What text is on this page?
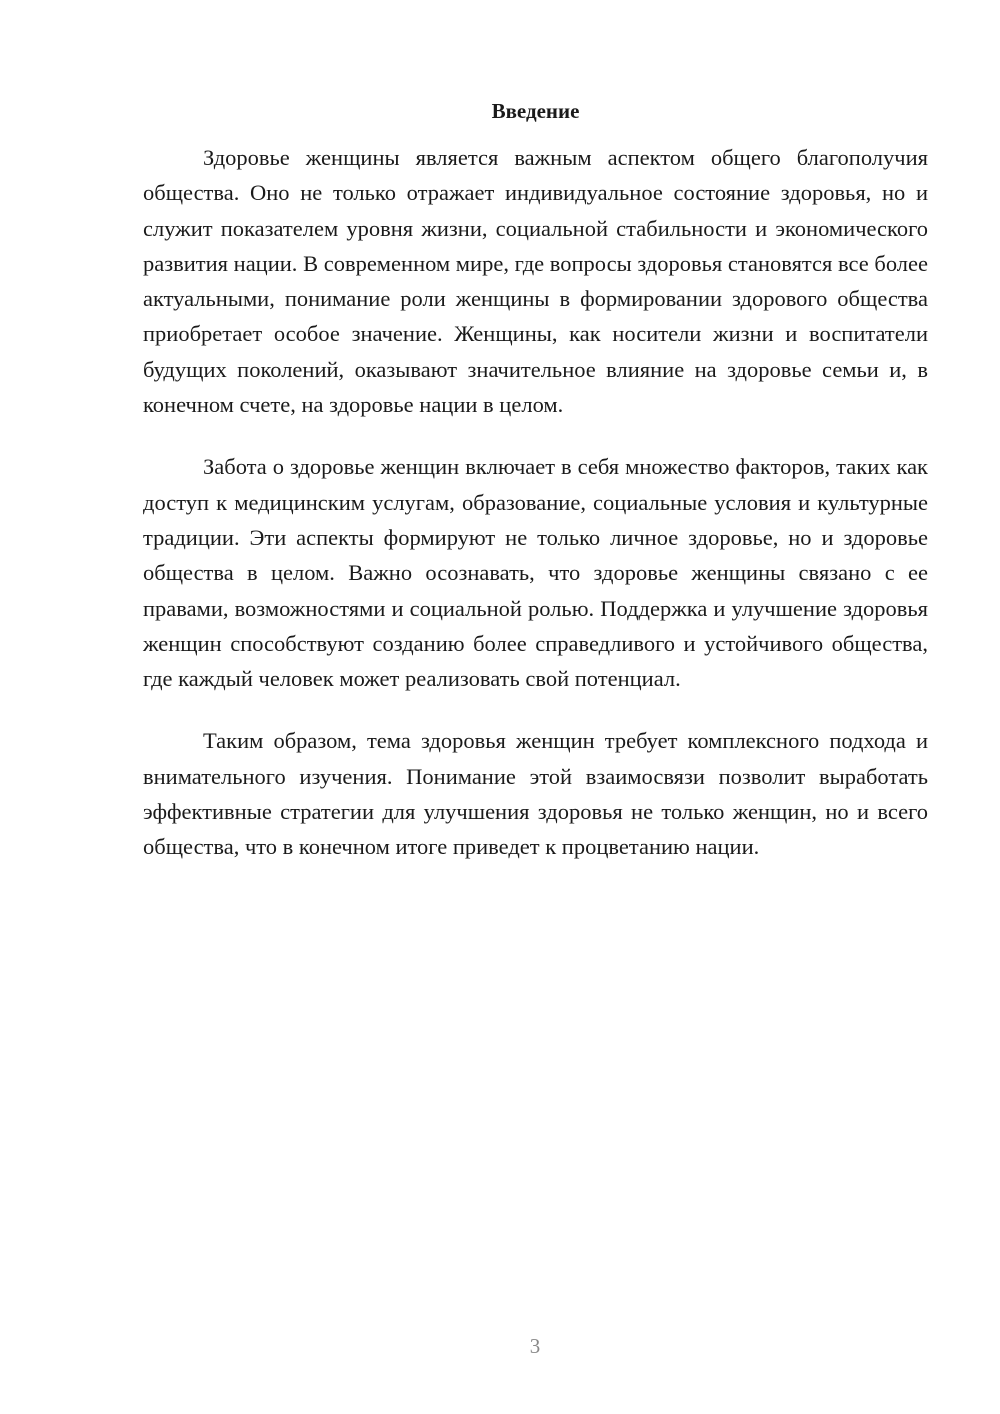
Введение

Здоровье женщины является важным аспектом общего благополучия общества. Оно не только отражает индивидуальное состояние здоровья, но и служит показателем уровня жизни, социальной стабильности и экономического развития нации. В современном мире, где вопросы здоровья становятся все более актуальными, понимание роли женщины в формировании здорового общества приобретает особое значение. Женщины, как носители жизни и воспитатели будущих поколений, оказывают значительное влияние на здоровье семьи и, в конечном счете, на здоровье нации в целом.

Забота о здоровье женщин включает в себя множество факторов, таких как доступ к медицинским услугам, образование, социальные условия и культурные традиции. Эти аспекты формируют не только личное здоровье, но и здоровье общества в целом. Важно осознавать, что здоровье женщины связано с ее правами, возможностями и социальной ролью. Поддержка и улучшение здоровья женщин способствуют созданию более справедливого и устойчивого общества, где каждый человек может реализовать свой потенциал.

Таким образом, тема здоровья женщин требует комплексного подхода и внимательного изучения. Понимание этой взаимосвязи позволит выработать эффективные стратегии для улучшения здоровья не только женщин, но и всего общества, что в конечном итоге приведет к процветанию нации.

3
